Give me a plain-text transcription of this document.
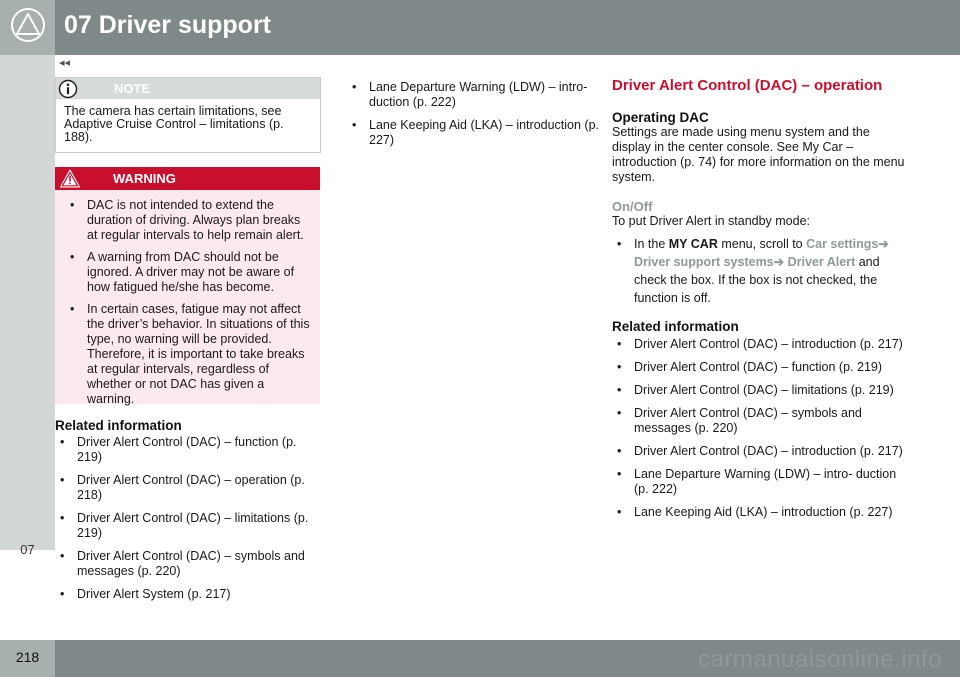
07 Driver support
◂◂
07
NOTE
The camera has certain limitations, see Adaptive Cruise Control – limitations (p. 188).
WARNING
• DAC is not intended to extend the duration of driving. Always plan breaks at regular intervals to help remain alert.
• A warning from DAC should not be ignored. A driver may not be aware of how fatigued he/she has become.
• In certain cases, fatigue may not affect the driver’s behavior. In situations of this type, no warning will be provided. Therefore, it is important to take breaks at regular intervals, regardless of whether or not DAC has given a warning.
Related information
• Driver Alert Control (DAC) – function (p. 219)
• Driver Alert Control (DAC) – operation (p. 218)
• Driver Alert Control (DAC) – limitations (p. 219)
• Driver Alert Control (DAC) – symbols and messages (p. 220)
• Driver Alert System (p. 217)
• Lane Departure Warning (LDW) – intro- duction (p. 222)
• Lane Keeping Aid (LKA) – introduction (p. 227)
Driver Alert Control (DAC) – operation
Operating DAC

Settings are made using menu system and the display in the center console. See My Car – introduction (p. 74) for more information on the menu system.

On/Off

To put Driver Alert in standby mode:

• In the MY CAR menu, scroll to Car settings➔ Driver support systems➔ Driver Alert and check the box. If the box is not checked, the function is off.
Related information
• Driver Alert Control (DAC) – introduction (p. 217)
• Driver Alert Control (DAC) – function (p. 219)
• Driver Alert Control (DAC) – limitations (p. 219)
• Driver Alert Control (DAC) – symbols and messages (p. 220)
• Driver Alert Control (DAC) – introduction (p. 217)
• Lane Departure Warning (LDW) – intro- duction (p. 222)
• Lane Keeping Aid (LKA) – introduction (p. 227)
218	carmanualsonline.info
